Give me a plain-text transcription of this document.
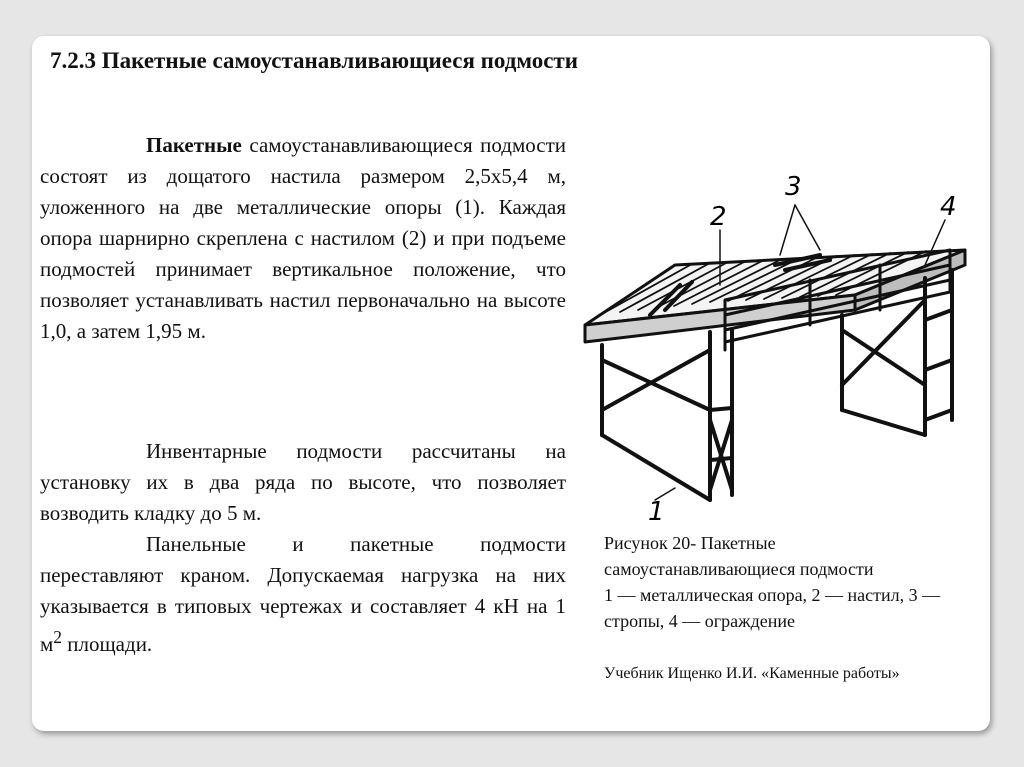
7.2.3 Пакетные самоустанавливающиеся подмости
Пакетные самоустанавливающиеся подмости состоят из дощатого настила размером 2,5х5,4 м, уложенного на две металлические опоры (1). Каждая опора шарнирно скреплена с настилом (2) и при подъеме подмостей принимает вертикальное положение, что позволяет устанавливать настил первоначально на высоте 1,0, а затем 1,95 м.
Инвентарные подмости рассчитаны на установку их в два ряда по высоте, что позволяет возводить кладку до 5 м.
Панельные и пакетные подмости переставляют краном. Допускаемая нагрузка на них указывается в типовых чертежах и составляет 4 кН на 1 $м^2$ площади.
2
3
4
1
Рисунок 20- Пакетные самоустанавливающиеся подмости
1 — металлическая опора, 2 — настил, 3 — стропы, 4 — ограждение
Учебник Ищенко И.И. «Каменные работы»
